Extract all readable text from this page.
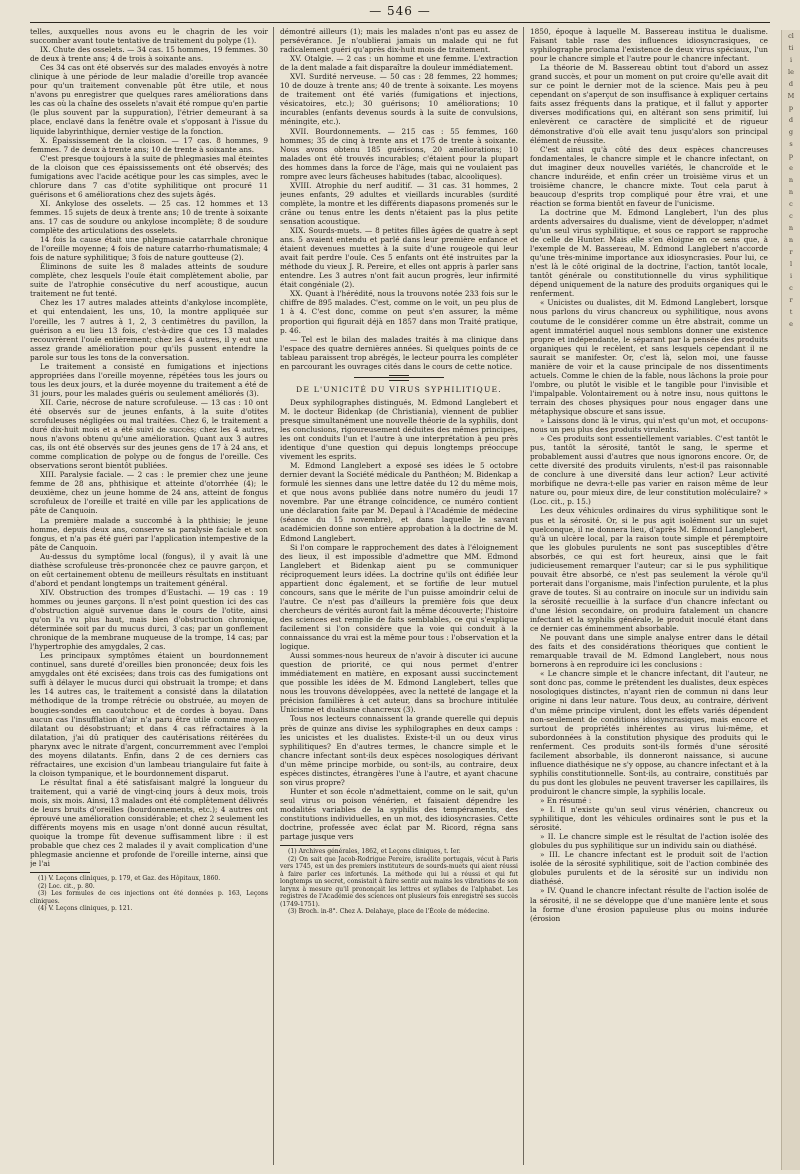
— 546 —

telles, auxquelles nous avons eu le chagrin de les voir succomber avant toute tentative de traitement du polype (1).

IX. Chute des osselets. — 34 cas. 15 hommes, 19 femmes. 30 de deux à trente ans; 4 de trois à soixante ans.

Ces 34 cas ont été observés sur des malades envoyés à notre clinique à une période de leur maladie d'oreille trop avancée pour qu'un traitement convenable pût être utile, et nous n'avons pu enregistrer que quelques rares améliorations dans les cas où la chaîne des osselets n'avait été rompue qu'en partie (le plus souvent par la suppuration), l'étrier demeurant à sa place, enclavé dans la fenêtre ovale et s'opposant à l'issue du liquide labyrinthique, dernier vestige de la fonction.

X. Épaississement de la cloison. — 17 cas. 8 hommes, 9 femmes. 7 de deux à trente ans; 10 de trente à soixante ans.

C'est presque toujours à la suite de phlegmasies mal éteintes de la cloison que ces épaississements ont été observés; des fumigations avec l'acide acétique pour les cas simples, avec le chlorure dans 7 cas d'otite syphilitique ont procuré 11 guérisons et 6 améliorations chez des sujets âgés.

XI. Ankylose des osselets. — 25 cas. 12 hommes et 13 femmes. 15 sujets de deux à trente ans; 10 de trente à soixante ans. 17 cas de soudure ou ankylose incomplète; 8 de soudure complète des articulations des osselets.

14 fois la cause était une phlegmasie catarrhale chronique de l'oreille moyenne; 4 fois de nature catarrho-rhumatismale; 4 fois de nature syphilitique; 3 fois de nature goutteuse (2).

Éliminons de suite les 8 malades atteints de soudure complète, chez lesquels l'ouïe était complètement abolie, par suite de l'atrophie consécutive du nerf acoustique, aucun traitement ne fut tenté.

Chez les 17 autres malades atteints d'ankylose incomplète, et qui entendaient, les uns, 10, la montre appliquée sur l'oreille, les 7 autres à 1, 2, 3 centimètres du pavillon, la guérison a eu lieu 13 fois, c'est-à-dire que ces 13 malades recouvrèrent l'ouïe entièrement; chez les 4 autres, il y eut une assez grande amélioration pour qu'ils pussent entendre la parole sur tous les tons de la conversation.

Le traitement a consisté en fumigations et injections appropriées dans l'oreille moyenne, répétées tous les jours ou tous les deux jours, et la durée moyenne du traitement a été de 31 jours, pour les malades guéris ou seulement améliorés (3).

XII. Carie, nécrose de nature scrofuleuse. — 13 cas : 10 ont été observés sur de jeunes enfants, à la suite d'otites scrofuleuses négligées ou mal traitées. Chez 6, le traitement a duré dix-huit mois et a été suivi de succès; chez les 4 autres, nous n'avons obtenu qu'une amélioration. Quant aux 3 autres cas, ils ont été observés sur des jeunes gens de 17 à 24 ans, et comme complication de polype ou de fongus de l'oreille. Ces observations seront bientôt publiées.

XIII. Paralysie faciale. — 2 cas : le premier chez une jeune femme de 28 ans, phthisique et atteinte d'otorrhée (4); le deuxième, chez un jeune homme de 24 ans, atteint de fongus scrofuleux de l'oreille et traité en ville par les applications de pâte de Canquoin.

La première malade a succombé à la phthisie; le jeune homme, depuis deux ans, conserve sa paralysie faciale et son fongus, et n'a pas été guéri par l'application intempestive de la pâte de Canquoin.

Au-dessus du symptôme local (fongus), il y avait là une diathèse scrofuleuse très-prononcée chez ce pauvre garçon, et on eût certainement obtenu de meilleurs résultats en instituant d'abord et pendant longtemps un traitement général.

XIV. Obstruction des trompes d'Eustachi. — 19 cas : 19 hommes ou jeunes garçons. Il n'est point question ici des cas d'obstruction aiguë survenue dans le cours de l'otite, ainsi qu'on l'a vu plus haut, mais bien d'obstruction chronique, déterminée soit par du mucus durci, 3 cas; par un gonflement chronique de la membrane muqueuse de la trompe, 14 cas; par l'hypertrophie des amygdales, 2 cas.

Les principaux symptômes étaient un bourdonnement continuel, sans dureté d'oreilles bien prononcée; deux fois les amygdales ont été excisées; dans trois cas des fumigations ont suffi à délayer le mucus durci qui obstruait la trompe; et dans les 14 autres cas, le traitement a consisté dans la dilatation méthodique de la trompe rétrécie ou obstruée, au moyen de bougies-sondes en caoutchouc et de cordes à boyau. Dans aucun cas l'insufflation d'air n'a paru être utile comme moyen dilatant ou désobstruant; et dans 4 cas réfractaires à la dilatation, j'ai dû pratiquer des cautérisations réitérées du pharynx avec le nitrate d'argent, concurremment avec l'emploi des moyens dilatants. Enfin, dans 2 de ces derniers cas réfractaires, une excision d'un lambeau triangulaire fut faite à la cloison tympanique, et le bourdonnement disparut.

Le résultat final a été satisfaisant malgré la longueur du traitement, qui a varié de vingt-cinq jours à deux mois, trois mois, six mois. Ainsi, 13 malades ont été complètement délivrés de leurs bruits d'oreilles (bourdonnements, etc.); 4 autres ont éprouvé une amélioration considérable; et chez 2 seulement les différents moyens mis en usage n'ont donné aucun résultat, quoique la trompe fût devenue suffisamment libre : il est probable que chez ces 2 malades il y avait complication d'une phlegmasie ancienne et profonde de l'oreille interne, ainsi que je l'ai

(1) V. Leçons cliniques, p. 179, et Gaz. des Hôpitaux, 1860.

(2) Loc. cit., p. 80.

(3) Les formules de ces injections ont été données p. 163, Leçons cliniques.

(4) V. Leçons cliniques, p. 121.

démontré ailleurs (1); mais les malades n'ont pas eu assez de persévérance. Je n'oublierai jamais un malade qui ne fut radicalement guéri qu'après dix-huit mois de traitement.

XV. Otalgie. — 2 cas : un homme et une femme. L'extraction de la dent malade a fait disparaître la douleur immédiatement.

XVI. Surdité nerveuse. — 50 cas : 28 femmes, 22 hommes; 10 de douze à trente ans; 40 de trente à soixante. Les moyens de traitement ont été variés (fumigations et injections, vésicatoires, etc.); 30 guérisons; 10 améliorations; 10 incurables (enfants devenus sourds à la suite de convulsions, méningite, etc.).

XVII. Bourdonnements. — 215 cas : 55 femmes, 160 hommes; 35 de cinq à trente ans et 175 de trente à soixante. Nous avons obtenu 185 guérisons, 20 améliorations; 10 malades ont été trouvés incurables; c'étaient pour la plupart des hommes dans la force de l'âge, mais qui ne voulaient pas rompre avec leurs fâcheuses habitudes (tabac, alcooliques).

XVIII. Atrophie du nerf auditif. — 31 cas. 31 hommes, 2 jeunes enfants, 29 adultes et vieillards incurables (surdité complète, la montre et les différents diapasons promenés sur le crâne ou tenus entre les dents n'étaient pas la plus petite sensation acoustique.

XIX. Sourds-muets. — 8 petites filles âgées de quatre à sept ans. 5 avaient entendu et parlé dans leur première enfance et étaient devenues muettes à la suite d'une rougeole qui leur avait fait perdre l'ouïe. Ces 5 enfants ont été instruites par la méthode du vieux J. R. Pereire, et elles ont appris à parler sans entendre. Les 3 autres n'ont fait aucun progrès, leur infirmité était congéniale (2).

XX. Quant à l'hérédité, nous la trouvons notée 233 fois sur le chiffre de 895 malades. C'est, comme on le voit, un peu plus de 1 à 4. C'est donc, comme on peut s'en assurer, la même proportion qui figurait déjà en 1857 dans mon Traité pratique, p. 46.

— Tel est le bilan des malades traités à ma clinique dans l'espace des quatre dernières années. Si quelques points de ce tableau paraissent trop abrégés, le lecteur pourra les compléter en parcourant les ouvrages cités dans le cours de cette notice.

DE L'UNICITÉ DU VIRUS SYPHILITIQUE.

Deux syphilographes distingués, M. Edmond Langlebert et M. le docteur Bidenkap (de Christiania), viennent de publier presque simultanément une nouvelle théorie de la syphilis, dont les conclusions, rigoureusement déduites des mêmes principes, les ont conduits l'un et l'autre à une interprétation à peu près identique d'une question qui depuis longtemps préoccupe vivement les esprits.

M. Edmond Langlebert a exposé ses idées le 5 octobre dernier devant la Société médicale du Panthéon; M. Bidenkap a formulé les siennes dans une lettre datée du 12 du même mois, et que nous avons publiée dans notre numéro du jeudi 17 novembre. Par une étrange coïncidence, ce numéro contient une déclaration faite par M. Depaul à l'Académie de médecine (séance du 15 novembre), et dans laquelle le savant académicien donne son entière approbation à la doctrine de M. Edmond Langlebert.

Si l'on compare le rapprochement des dates à l'éloignement des lieux, il est impossible d'admettre que MM. Edmond Langlebert et Bidenkap aient pu se communiquer réciproquement leurs idées. La doctrine qu'ils ont édifiée leur appartient donc également, et se fortifie de leur mutuel concours, sans que le mérite de l'un puisse amoindrir celui de l'autre. Ce n'est pas d'ailleurs la première fois que deux chercheurs de vérités auront fait la même découverte; l'histoire des sciences est remplie de faits semblables, ce qui s'explique facilement si l'on considère que la voie qui conduit à la connaissance du vrai est la même pour tous : l'observation et la logique.

Aussi sommes-nous heureux de n'avoir à discuter ici aucune question de priorité, ce qui nous permet d'entrer immédiatement en matière, en exposant aussi succinctement que possible les idées de M. Edmond Langlebert, telles que nous les trouvons développées, avec la netteté de langage et la précision familières à cet auteur, dans sa brochure intitulée Unicisme et dualisme chancreux (3).

Tous nos lecteurs connaissent la grande querelle qui depuis près de quinze ans divise les syphilographes en deux camps : les unicistes et les dualistes. Existe-t-il un ou deux virus syphilitiques? En d'autres termes, le chancre simple et le chancre infectant sont-ils deux espèces nosologiques dérivant d'un même principe morbide, ou sont-ils, au contraire, deux espèces distinctes, étrangères l'une à l'autre, et ayant chacune son virus propre?

Hunter et son école n'admettaient, comme on le sait, qu'un seul virus ou poison vénérien, et faisaient dépendre les modalités variables de la syphilis des tempéraments, des constitutions individuelles, en un mot, des idiosyncrasies. Cette doctrine, professée avec éclat par M. Ricord, régna sans partage jusque vers

(1) Archives générales, 1862, et Leçons cliniques, t. Ier.

(2) On sait que Jacob-Rodrigue Pereire, israélite portugais, vécut à Paris vers 1745, est un des premiers instituteurs de sourds-muets qui aient réussi à faire parler ces infortunés. La méthode qui lui a réussi et qui fut longtemps un secret, consistait à faire sentir aux mains les vibrations de son larynx à mesure qu'il prononçait les lettres et syllabes de l'alphabet. Les registres de l'Académie des sciences ont plusieurs fois enregistré ses succès (1749-1751).

(3) Broch. in-8°. Chez A. Delahaye, place de l'École de médecine.

1850, époque à laquelle M. Bassereau institua le dualisme. Faisant table rase des influences idiosyncrasiques, ce syphilographe proclama l'existence de deux virus spéciaux, l'un pour le chancre simple et l'autre pour le chancre infectant.

La théorie de M. Bassereau obtint tout d'abord un assez grand succès, et pour un moment on put croire qu'elle avait dit sur ce point le dernier mot de la science. Mais peu à peu cependant on s'aperçut de son insuffisance à expliquer certains faits assez fréquents dans la pratique, et il fallut y apporter diverses modifications qui, en altérant son sens primitif, lui enlevèrent ce caractère de simplicité et de rigueur démonstrative d'où elle avait tenu jusqu'alors son principal élément de réussite.

C'est ainsi qu'à côté des deux espèces chancreuses fondamentales, le chancre simple et le chancre infectant, on dut imaginer deux nouvelles variétés, le chancroïde et le chancre induréide, et enfin créer un troisième virus et un troisième chancre, le chancre mixte. Tout cela parut à beaucoup d'esprits trop compliqué pour être vrai, et une réaction se forma bientôt en faveur de l'unicisme.

La doctrine que M. Edmond Langlebert, l'un des plus ardents adversaires du dualisme, vient de développer, n'admet qu'un seul virus syphilitique, et sous ce rapport se rapproche de celle de Hunter. Mais elle s'en éloigne en ce sens que, à l'exemple de M. Bassereau, M. Edmond Langlebert n'accorde qu'une très-minime importance aux idiosyncrasies. Pour lui, ce n'est là le côté original de la doctrine, l'action, tantôt locale, tantôt générale ou constitutionnelle du virus syphilitique dépend uniquement de la nature des produits organiques qui le renferment.

« Unicistes ou dualistes, dit M. Edmond Langlebert, lorsque nous parlons du virus chancreux ou syphilitique, nous avons coutume de le considérer comme un être abstrait, comme un agent immatériel auquel nous semblons donner une existence propre et indépendante, le séparant par la pensée des produits organiques qui le recèlent, et sans lesquels cependant il ne saurait se manifester. Or, c'est là, selon moi, une fausse manière de voir et la cause principale de nos dissentiments actuels. Comme le chien de la fable, nous lâchons la proie pour l'ombre, ou plutôt le visible et le tangible pour l'invisible et l'impalpable. Volontairement ou à notre insu, nous quittons le terrain des choses physiques pour nous engager dans une métaphysique obscure et sans issue.

» Laissons donc là le virus, qui n'est qu'un mot, et occupons-nous un peu plus des produits virulents.

» Ces produits sont essentiellement variables. C'est tantôt le pus, tantôt la sérosité, tantôt le sang, le sperme et probablement aussi d'autres que nous ignorons encore. Or, de cette diversité des produits virulents, n'est-il pas raisonnable de conclure à une diversité dans leur action? Leur activité morbifique ne devra-t-elle pas varier en raison même de leur nature ou, pour mieux dire, de leur constitution moléculaire? » (Loc. cit., p. 15.)

Les deux véhicules ordinaires du virus syphilitique sont le pus et la sérosité. Or, si le pus agit isolément sur un sujet quelconque, il ne donnera lieu, d'après M. Edmond Langlebert, qu'à un ulcère local, par la raison toute simple et péremptoire que les globules purulents ne sont pas susceptibles d'être absorbés, ce qui est fort heureux, ainsi que le fait judicieusement remarquer l'auteur; car si le pus syphilitique pouvait être absorbé, ce n'est pas seulement la vérole qu'il porterait dans l'organisme, mais l'infection purulente, et la plus grave de toutes. Si au contraire on inocule sur un individu sain la sérosité recueillie à la surface d'un chancre infectant ou d'une lésion secondaire, on produira fatalement un chancre infectant et la syphilis générale, le produit inoculé étant dans ce dernier cas éminemment absorbable.

Ne pouvant dans une simple analyse entrer dans le détail des faits et des considérations théoriques que contient le remarquable travail de M. Edmond Langlebert, nous nous bornerons à en reproduire ici les conclusions :

« Le chancre simple et le chancre infectant, dit l'auteur, ne sont donc pas, comme le prétendent les dualistes, deux espèces nosologiques distinctes, n'ayant rien de commun ni dans leur origine ni dans leur nature. Tous deux, au contraire, dérivent d'un même principe virulent, dont les effets variés dépendent non-seulement de conditions idiosyncrasiques, mais encore et surtout de propriétés inhérentes au virus lui-même, et subordonnées à la constitution physique des produits qui le renferment. Ces produits sont-ils formés d'une sérosité facilement absorbable, ils donneront naissance, si aucune influence diathésique ne s'y oppose, au chancre infectant et à la syphilis constitutionnelle. Sont-ils, au contraire, constitués par du pus dont les globules ne peuvent traverser les capillaires, ils produiront le chancre simple, la syphilis locale.

» En résumé :

» I. Il n'existe qu'un seul virus vénérien, chancreux ou syphilitique, dont les véhicules ordinaires sont le pus et la sérosité.

» II. Le chancre simple est le résultat de l'action isolée des globules du pus syphilitique sur un individu sain ou diathésé.

» III. Le chancre infectant est le produit soit de l'action isolée de la sérosité syphilitique, soit de l'action combinée des globules purulents et de la sérosité sur un individu non diathésé.

» IV. Quand le chancre infectant résulte de l'action isolée de la sérosité, il ne se développe que d'une manière lente et sous la forme d'une érosion papuleuse plus ou moins indurée (érosion

cl
ti
i
le
d
M
p
d
g
s
p
e
n
n
c
c
n
n
r
l
i
c
r
t
e
